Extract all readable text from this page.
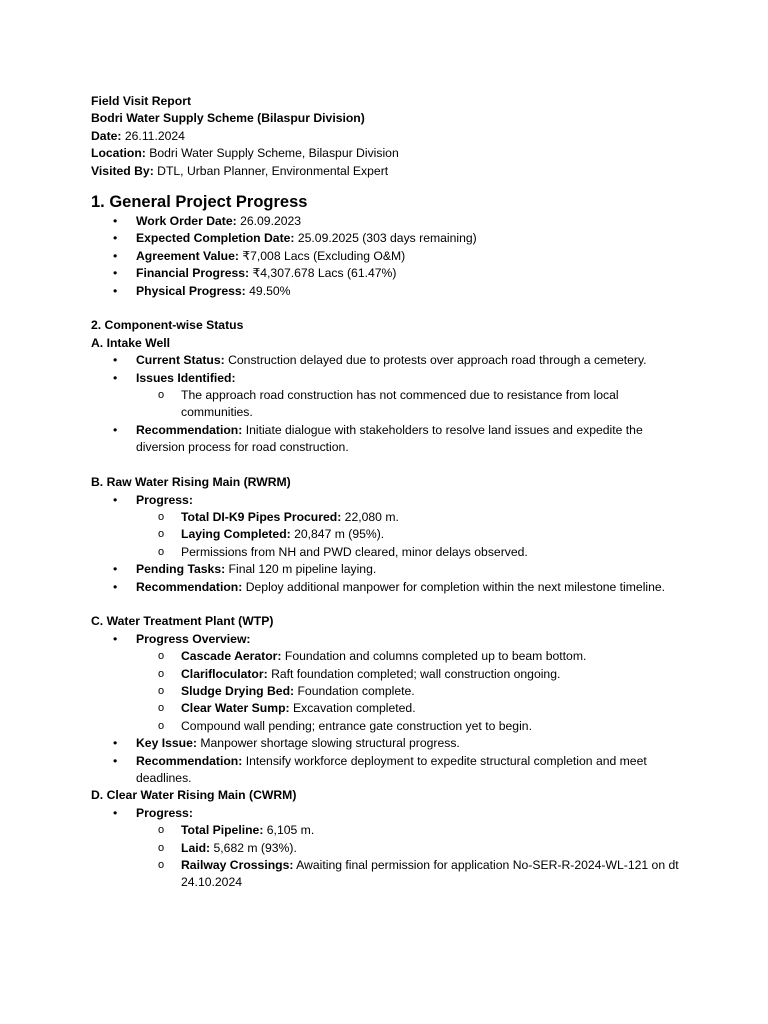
Field Visit Report

Bodri Water Supply Scheme (Bilaspur Division)

Date: 26.11.2024

Location: Bodri Water Supply Scheme, Bilaspur Division

Visited By: DTL, Urban Planner, Environmental Expert

1. General Project Progress

• Work Order Date: 26.09.2023
• Expected Completion Date: 25.09.2025 (303 days remaining)
• Agreement Value: ₹7,008 Lacs (Excluding O&M)
• Financial Progress: ₹4,307.678 Lacs (61.47%)
• Physical Progress: 49.50%

2. Component-wise Status

A. Intake Well

• Current Status: Construction delayed due to protests over approach road through a cemetery.
• Issues Identified:
o The approach road construction has not commenced due to resistance from local communities.
• Recommendation: Initiate dialogue with stakeholders to resolve land issues and expedite the diversion process for road construction.

B. Raw Water Rising Main (RWRM)

• Progress:
o Total DI-K9 Pipes Procured: 22,080 m.
o Laying Completed: 20,847 m (95%).
o Permissions from NH and PWD cleared, minor delays observed.
• Pending Tasks: Final 120 m pipeline laying.
• Recommendation: Deploy additional manpower for completion within the next milestone timeline.

C. Water Treatment Plant (WTP)

• Progress Overview:
o Cascade Aerator: Foundation and columns completed up to beam bottom.
o Clarifloculator: Raft foundation completed; wall construction ongoing.
o Sludge Drying Bed: Foundation complete.
o Clear Water Sump: Excavation completed.
o Compound wall pending; entrance gate construction yet to begin.
• Key Issue: Manpower shortage slowing structural progress.
• Recommendation: Intensify workforce deployment to expedite structural completion and meet deadlines.

D. Clear Water Rising Main (CWRM)

• Progress:
o Total Pipeline: 6,105 m.
o Laid: 5,682 m (93%).
o Railway Crossings: Awaiting final permission for application No-SER-R-2024-WL-121 on dt 24.10.2024
